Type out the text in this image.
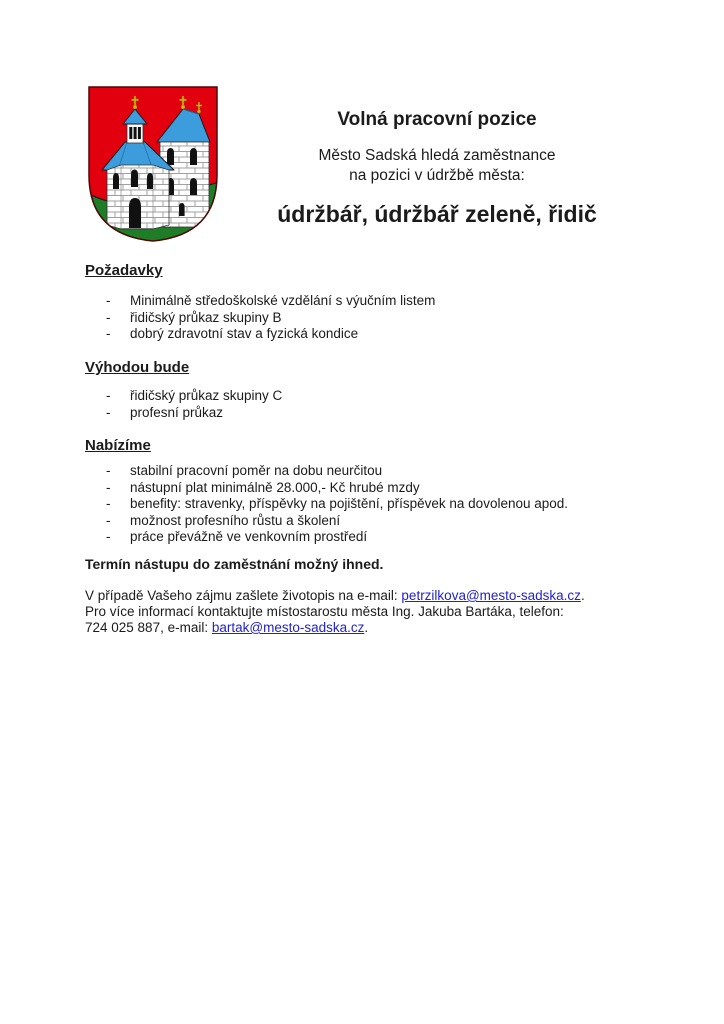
Volná pracovní pozice
Město Sadská hledá zaměstnance
na pozici v údržbě města:
údržbář, údržbář zeleně, řidič
Požadavky
-	Minimálně středoškolské vzdělání s výučním listem
-	řidičský průkaz skupiny B
-	dobrý zdravotní stav a fyzická kondice
Výhodou bude
-	řidičský průkaz skupiny C
-	profesní průkaz
Nabízíme
-	stabilní pracovní poměr na dobu neurčitou
-	nástupní plat minimálně 28.000,- Kč hrubé mzdy
-	benefity: stravenky, příspěvky na pojištění, příspěvek na dovolenou apod.
-	možnost profesního růstu a školení
-	práce převážně ve venkovním prostředí
Termín nástupu do zaměstnání možný ihned.
V případě Vašeho zájmu zašlete životopis na e-mail: petrzilkova@mesto-sadska.cz.
Pro více informací kontaktujte místostarostu města Ing. Jakuba Bartáka, telefon:
724 025 887, e-mail: bartak@mesto-sadska.cz.
